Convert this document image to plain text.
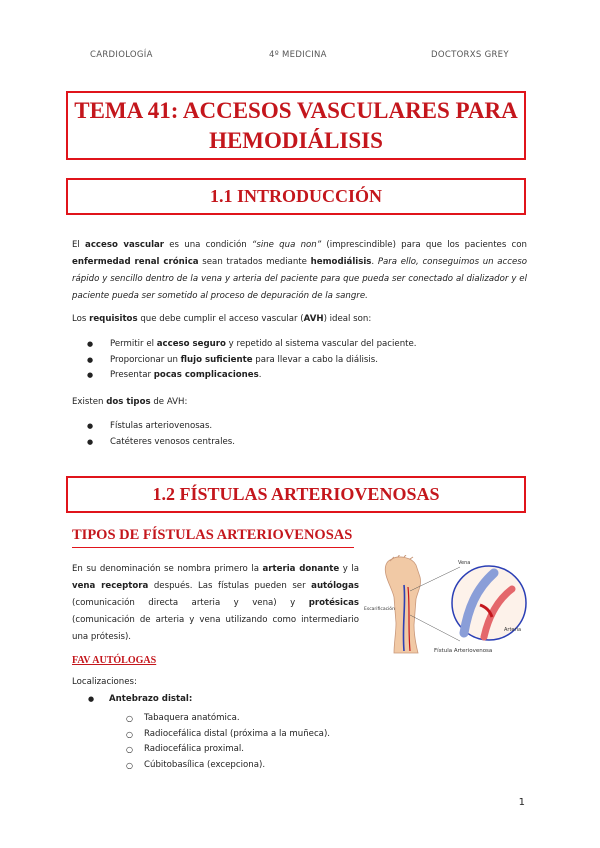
CARDIOLOGÍA	4º MEDICINA	DOCTORXS GREY
TEMA 41: ACCESOS VASCULARES PARA
HEMODIÁLISIS
1.1 INTRODUCCIÓN

El acceso vascular es una condición “sine qua non” (imprescindible) para que los pacientes con enfermedad renal crónica sean tratados mediante hemodiálisis. Para ello, conseguimos un acceso rápido y sencillo dentro de la vena y arteria del paciente para que pueda ser conectado al dializador y el paciente pueda ser sometido al proceso de depuración de la sangre.

Los requisitos que debe cumplir el acceso vascular (AVH) ideal son:

● Permitir el acceso seguro y repetido al sistema vascular del paciente.
● Proporcionar un flujo suficiente para llevar a cabo la diálisis.
● Presentar pocas complicaciones.

Existen dos tipos de AVH:

● Fístulas arteriovenosas.
● Catéteres venosos centrales.
1.2 FÍSTULAS ARTERIOVENOSAS
TIPOS DE FÍSTULAS ARTERIOVENOSAS

En su denominación se nombra primero la arteria donante y la vena receptora después. Las fístulas pueden ser autólogas (comunicación directa arteria y vena) y protésicas (comunicación de arteria y vena utilizando como intermediario una prótesis).

Vena
Arteria
Escarificación
Fístula Arteriovenosa
FAV AUTÓLOGAS
Localizaciones:
● Antebrazo distal:
○ Tabaquera anatómica.
○ Radiocefálica distal (próxima a la muñeca).
○ Radiocefálica proximal.
○ Cúbitobasílica (excepciona).
1
